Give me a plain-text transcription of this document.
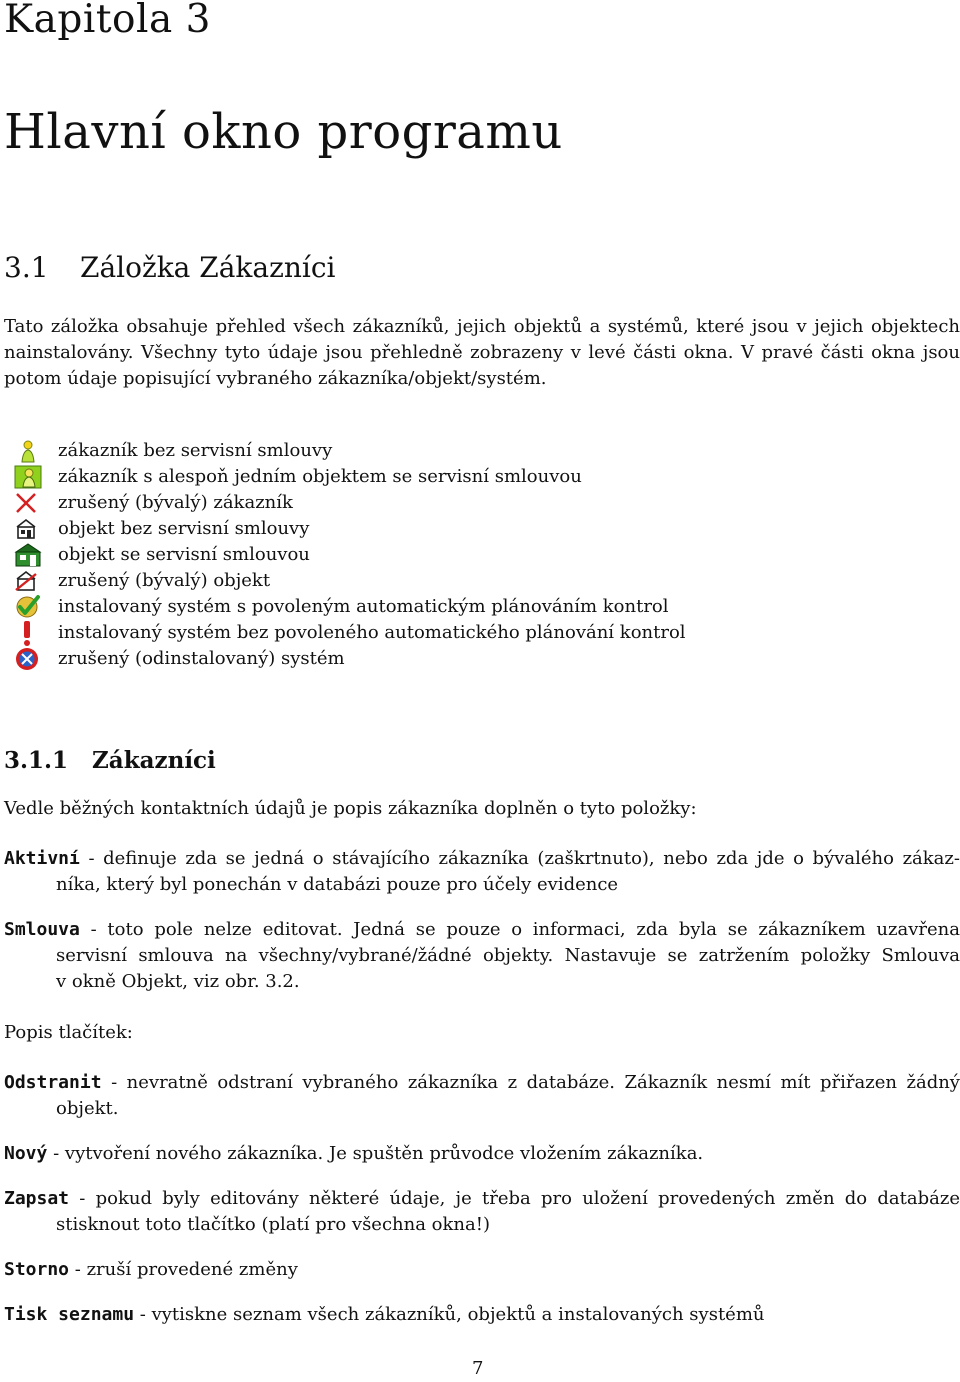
Kapitola 3
Hlavní okno programu
3.1 Záložka Zákazníci
Tato záložka obsahuje přehled všech zákazníků, jejich objektů a systémů, které jsou v jejich objektech
nainstalovány. Všechny tyto údaje jsou přehledně zobrazeny v levé části okna. V pravé části okna jsou
potom údaje popisující vybraného zákazníka/objekt/systém.
zákazník bez servisní smlouvy
zákazník s alespoň jedním objektem se servisní smlouvou
zrušený (bývalý) zákazník
objekt bez servisní smlouvy
objekt se servisní smlouvou
zrušený (bývalý) objekt
instalovaný systém s povoleným automatickým plánováním kontrol
instalovaný systém bez povoleného automatického plánování kontrol
zrušený (odinstalovaný) systém
3.1.1 Zákazníci
Vedle běžných kontaktních údajů je popis zákazníka doplněn o tyto položky:
Aktivní - definuje zda se jedná o stávajícího zákazníka (zaškrtnuto), nebo zda jde o bývalého zákaz-
níka, který byl ponechán v databázi pouze pro účely evidence
Smlouva - toto pole nelze editovat. Jedná se pouze o informaci, zda byla se zákazníkem uzavřena
servisní smlouva na všechny/vybrané/žádné objekty. Nastavuje se zatržením položky Smlouva
v okně Objekt, viz obr. 3.2.
Popis tlačítek:
Odstranit - nevratně odstraní vybraného zákazníka z databáze. Zákazník nesmí mít přiřazen žádný
objekt.
Nový - vytvoření nového zákazníka. Je spuštěn průvodce vložením zákazníka.
Zapsat - pokud byly editovány některé údaje, je třeba pro uložení provedených změn do databáze
stisknout toto tlačítko (platí pro všechna okna!)
Storno - zruší provedené změny
Tisk seznamu - vytiskne seznam všech zákazníků, objektů a instalovaných systémů
7
